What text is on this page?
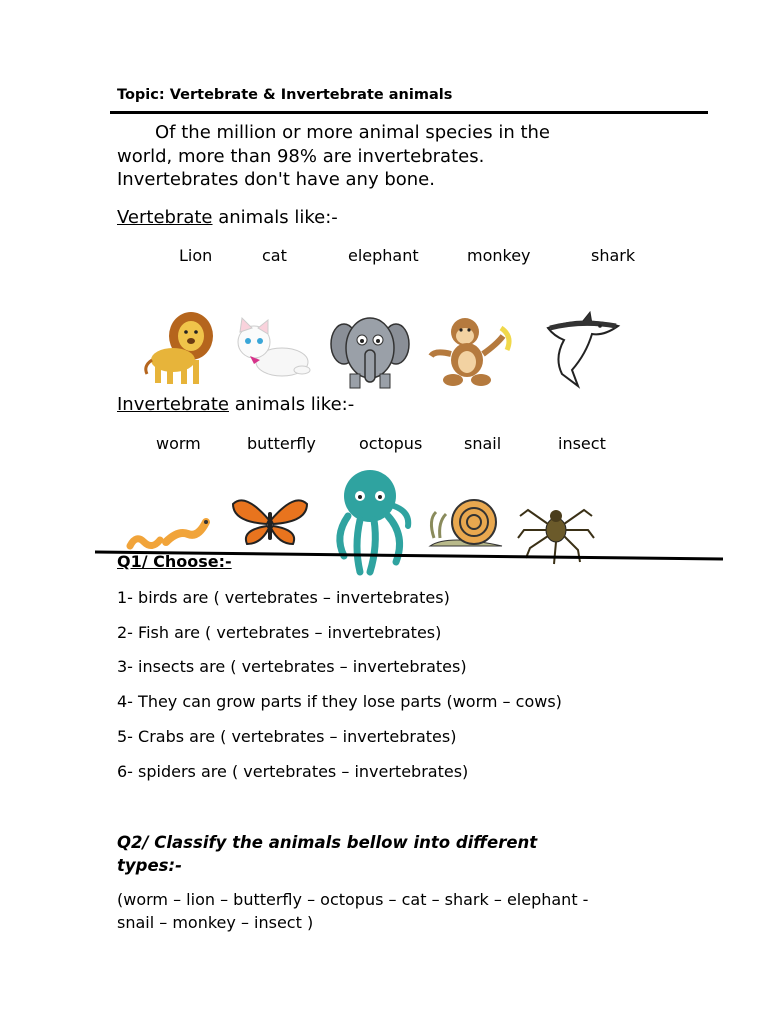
Topic: Vertebrate & Invertebrate animals
Of the million or more animal species in the
world, more than 98% are invertebrates.
Invertebrates don't have any bone.
Vertebrate animals like:-
Lion	cat	elephant	monkey	shark
Invertebrate animals like:-
worm	butterfly	octopus	snail	insect
Q1/ Choose:-
1- birds are ( vertebrates – invertebrates)
2- Fish are ( vertebrates – invertebrates)
3- insects are ( vertebrates – invertebrates)
4- They can grow parts if they lose parts (worm – cows)
5- Crabs are ( vertebrates – invertebrates)
6- spiders are ( vertebrates – invertebrates)
Q2/ Classify the animals bellow into different
types:-
(worm – lion – butterfly – octopus – cat – shark – elephant -
snail – monkey – insect )
